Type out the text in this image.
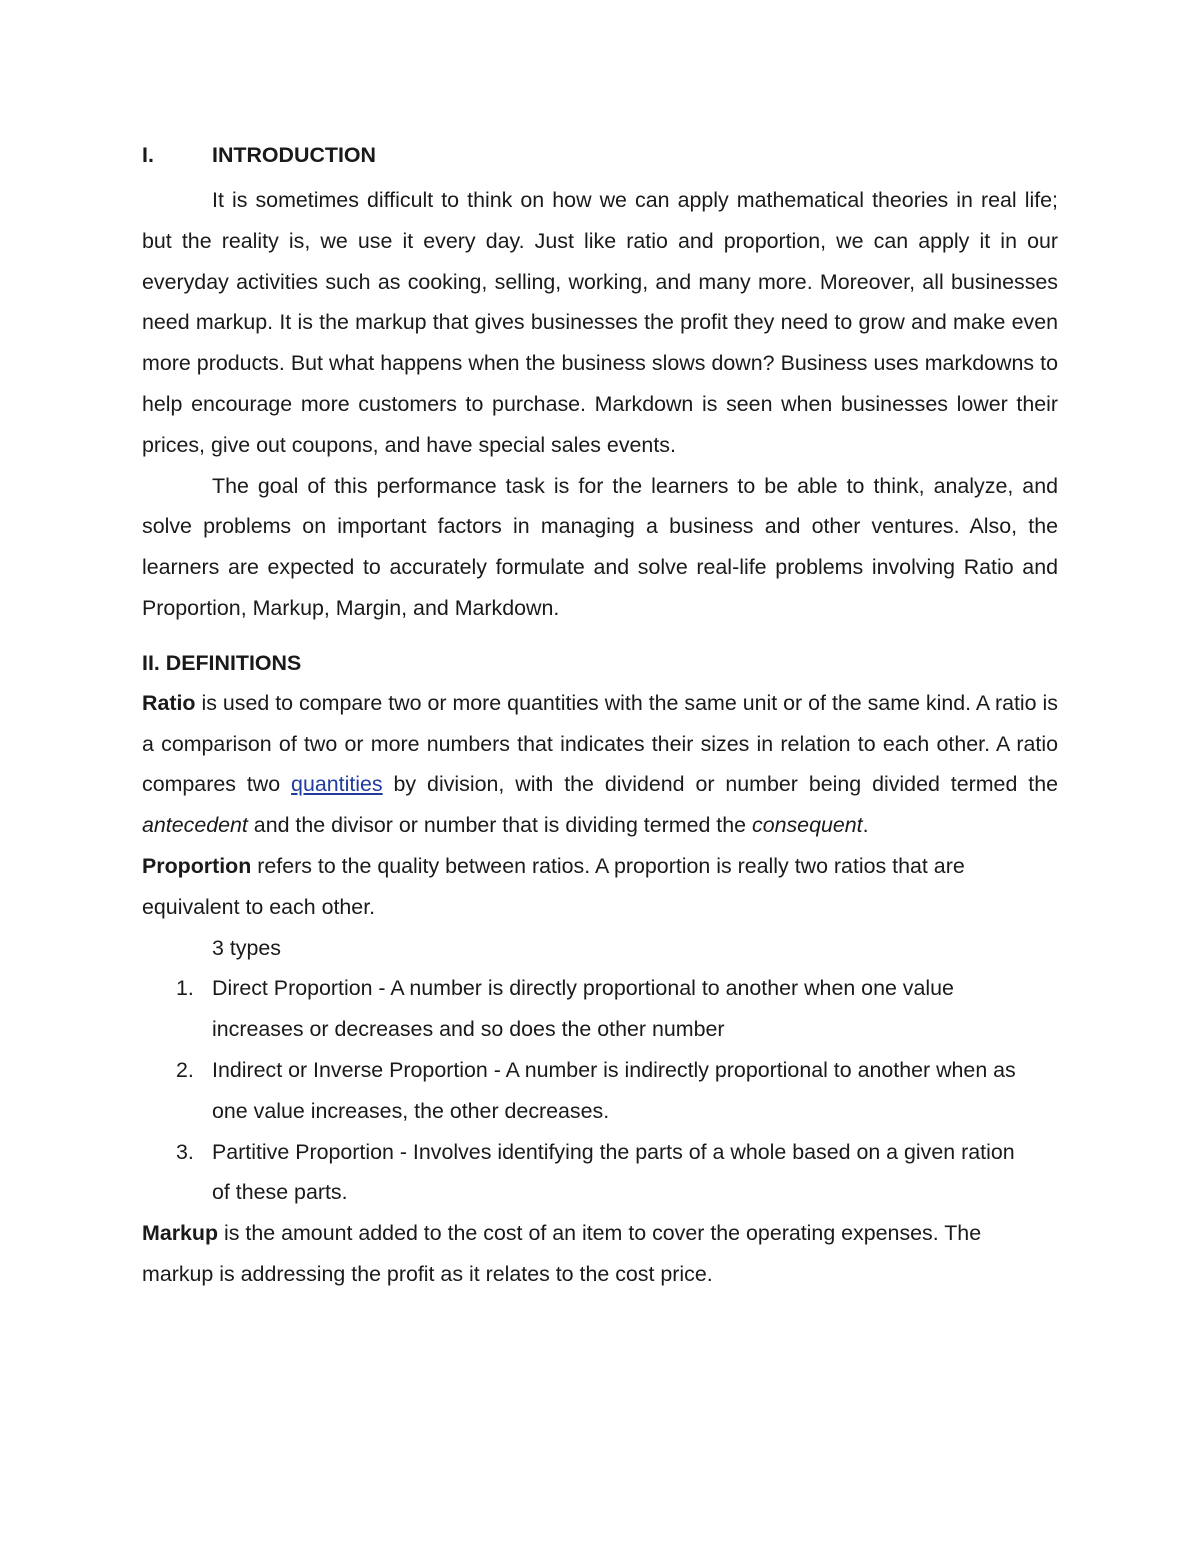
I.	INTRODUCTION

It is sometimes difficult to think on how we can apply mathematical theories in real life; but the reality is, we use it every day. Just like ratio and proportion, we can apply it in our everyday activities such as cooking, selling, working, and many more. Moreover, all businesses need markup. It is the markup that gives businesses the profit they need to grow and make even more products. But what happens when the business slows down? Business uses markdowns to help encourage more customers to purchase. Markdown is seen when businesses lower their prices, give out coupons, and have special sales events.

The goal of this performance task is for the learners to be able to think, analyze, and solve problems on important factors in managing a business and other ventures. Also, the learners are expected to accurately formulate and solve real-life problems involving Ratio and Proportion, Markup, Margin, and Markdown.

II. DEFINITIONS

Ratio is used to compare two or more quantities with the same unit or of the same kind. A ratio is a comparison of two or more numbers that indicates their sizes in relation to each other. A ratio compares two quantities by division, with the dividend or number being divided termed the antecedent and the divisor or number that is dividing termed the consequent.

Proportion refers to the quality between ratios. A proportion is really two ratios that are equivalent to each other.

3 types

1. Direct Proportion - A number is directly proportional to another when one value increases or decreases and so does the other number
2. Indirect or Inverse Proportion - A number is indirectly proportional to another when as one value increases, the other decreases.
3. Partitive Proportion - Involves identifying the parts of a whole based on a given ration of these parts.

Markup is the amount added to the cost of an item to cover the operating expenses. The markup is addressing the profit as it relates to the cost price.
